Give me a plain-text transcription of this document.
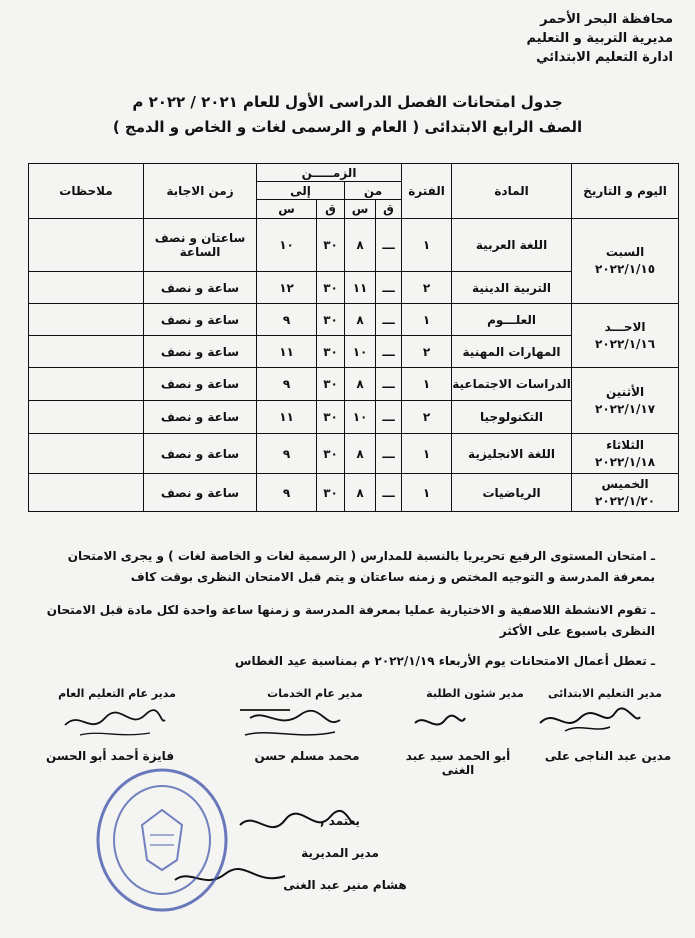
محافظة البحر الأحمر
مديرية التربية و التعليم
ادارة التعليم الابتدائي
جدول امتحانات الفصل الدراسى الأول للعام ٢٠٢١ / ٢٠٢٢ م
الصف الرابع الابتدائى ( العام و الرسمى لغات و الخاص و الدمج )
اليوم و التاريخ	المادة	الفترة	الزمـــــن				زمن الاجابة	ملاحظات
			من		إلى			
			ق	س	ق	س		

السبت
٢٠٢٢/١/١٥	اللغة العربية	١	ـــ	٨	٣٠	١٠	ساعتان و نصف الساعة	
	التربية الدينية	٢	ـــ	١١	٣٠	١٢	ساعة و نصف	

الاحـــد
٢٠٢٢/١/١٦	العلـــوم	١	ـــ	٨	٣٠	٩	ساعة و نصف	
	المهارات المهنية	٢	ـــ	١٠	٣٠	١١	ساعة و نصف	

الأثنين
٢٠٢٢/١/١٧	الدراسات الاجتماعية	١	ـــ	٨	٣٠	٩	ساعة و نصف	
	التكنولوجيا	٢	ـــ	١٠	٣٠	١١	ساعة و نصف	

الثلاثاء
٢٠٢٢/١/١٨	اللغة الانجليزية	١	ـــ	٨	٣٠	٩	ساعة و نصف	

الخميس
٢٠٢٢/١/٢٠	الرياضيات	١	ـــ	٨	٣٠	٩	ساعة و نصف	
ـ امتحان المستوى الرفيع تحريريا بالنسبة للمدارس ( الرسمية لغات و الخاصة لغات ) و يجرى الامتحان بمعرفة المدرسة و التوجيه المختص و زمنه ساعتان و يتم قبل الامتحان النظرى بوقت كاف
ـ تقوم الانشطة اللاصفية و الاختيارية عمليا بمعرفة المدرسة و زمنها ساعة واحدة لكل مادة قبل الامتحان النظرى باسبوع على الأكثر
ـ تعطل أعمال الامتحانات يوم الأربعاء ٢٠٢٢/١/١٩ م بمناسبة عيد الغطاس
مدير التعليم الابتدائى
مدير شئون الطلبة
مدير عام الخدمات
مدير عام التعليم العام
مدين عبد الناجى على
أبو الحمد سيد عبد الغنى
محمد مسلم حسن
فايزة أحمد أبو الحسن
يعتمد ,
مدير المديرية
هشام منير عبد الغنى
